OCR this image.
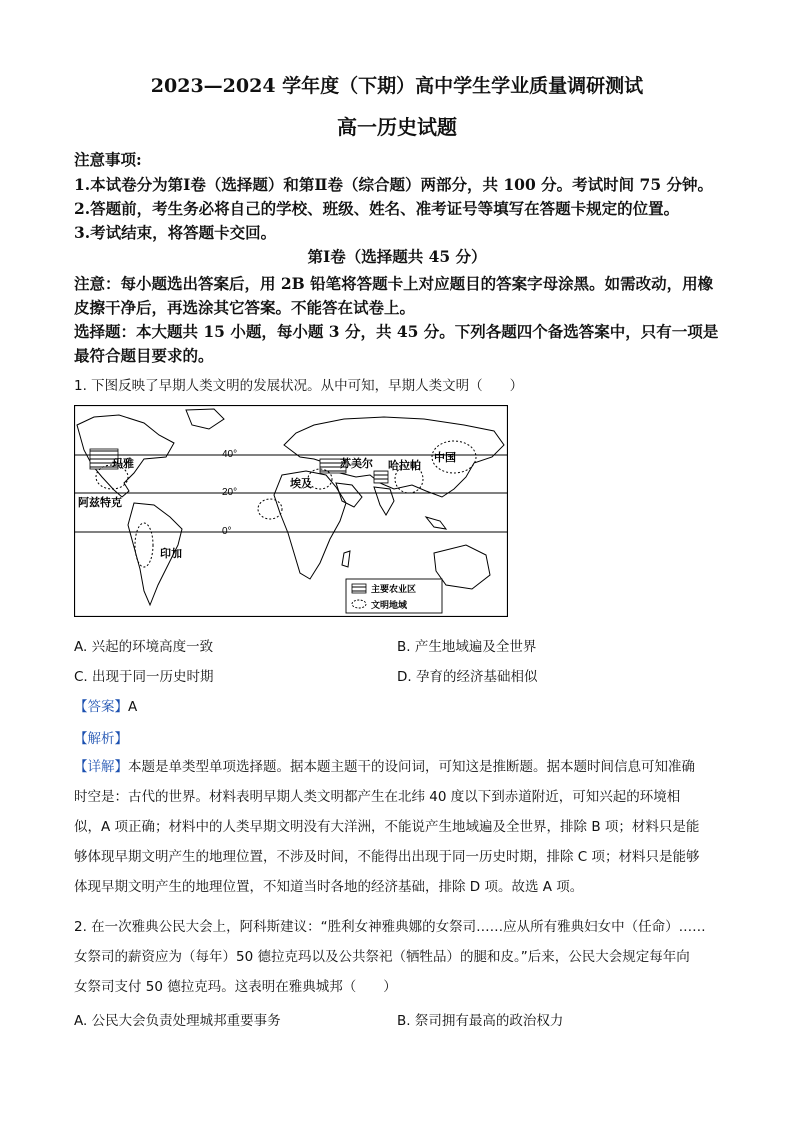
2023—2024 学年度（下期）高中学生学业质量调研测试
高一历史试题
注意事项:
1.本试卷分为第Ⅰ卷（选择题）和第Ⅱ卷（综合题）两部分，共 100 分。考试时间 75 分钟。
2.答题前，考生务必将自己的学校、班级、姓名、准考证号等填写在答题卡规定的位置。
3.考试结束，将答题卡交回。
第Ⅰ卷（选择题共 45 分）
注意：每小题选出答案后，用 2B 铅笔将答题卡上对应题目的答案字母涂黑。如需改动，用橡
皮擦干净后，再选涂其它答案。不能答在试卷上。
选择题：本大题共 15 小题，每小题 3 分，共 45 分。下列各题四个备选答案中，只有一项是
最符合题目要求的。
1. 下图反映了早期人类文明的发展状况。从中可知，早期人类文明（　　）
玛雅
阿兹特克
印加
埃及
苏美尔 哈拉帕
中国
40°
20°
0°
主要农业区
文明地域
A. 兴起的环境高度一致	B. 产生地域遍及全世界
C. 出现于同一历史时期	D. 孕育的经济基础相似
【答案】A
【解析】
【详解】本题是单类型单项选择题。据本题主题干的设问词，可知这是推断题。据本题时间信息可知准确
时空是：古代的世界。材料表明早期人类文明都产生在北纬 40 度以下到赤道附近，可知兴起的环境相
似，A 项正确；材料中的人类早期文明没有大洋洲，不能说产生地域遍及全世界，排除 B 项；材料只是能
够体现早期文明产生的地理位置，不涉及时间，不能得出出现于同一历史时期，排除 C 项；材料只是能够
体现早期文明产生的地理位置，不知道当时各地的经济基础，排除 D 项。故选 A 项。
2. 在一次雅典公民大会上，阿科斯建议：“胜利女神雅典娜的女祭司……应从所有雅典妇女中（任命）……
女祭司的薪资应为（每年）50 德拉克玛以及公共祭祀（牺牲品）的腿和皮。”后来，公民大会规定每年向
女祭司支付 50 德拉克玛。这表明在雅典城邦（　　）
A. 公民大会负责处理城邦重要事务	B. 祭司拥有最高的政治权力
